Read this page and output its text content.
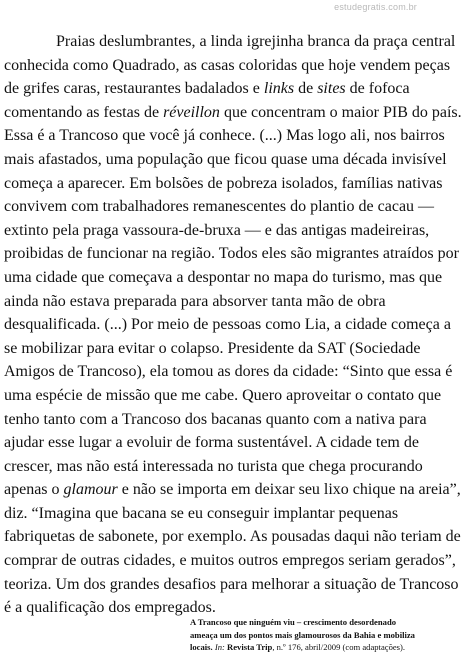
estudegratis.com.br
Praias deslumbrantes, a linda igrejinha branca da praça central
conhecida como Quadrado, as casas coloridas que hoje vendem peças
de grifes caras, restaurantes badalados e links de sites de fofoca
comentando as festas de réveillon que concentram o maior PIB do país.
Essa é a Trancoso que você já conhece. (...) Mas logo ali, nos bairros
mais afastados, uma população que ficou quase uma década invisível
começa a aparecer. Em bolsões de pobreza isolados, famílias nativas
convivem com trabalhadores remanescentes do plantio de cacau —
extinto pela praga vassoura-de-bruxa — e das antigas madeireiras,
proibidas de funcionar na região. Todos eles são migrantes atraídos por
uma cidade que começava a despontar no mapa do turismo, mas que
ainda não estava preparada para absorver tanta mão de obra
desqualificada. (...) Por meio de pessoas como Lia, a cidade começa a
se mobilizar para evitar o colapso. Presidente da SAT (Sociedade
Amigos de Trancoso), ela tomou as dores da cidade: “Sinto que essa é
uma espécie de missão que me cabe. Quero aproveitar o contato que
tenho tanto com a Trancoso dos bacanas quanto com a nativa para
ajudar esse lugar a evoluir de forma sustentável. A cidade tem de
crescer, mas não está interessada no turista que chega procurando
apenas o glamour e não se importa em deixar seu lixo chique na areia”,
diz. “Imagina que bacana se eu conseguir implantar pequenas
fabriquetas de sabonete, por exemplo. As pousadas daqui não teriam de
comprar de outras cidades, e muitos outros empregos seriam gerados”,
teoriza. Um dos grandes desafios para melhorar a situação de Trancoso
é a qualificação dos empregados.
A Trancoso que ninguém viu – crescimento desordenado
ameaça um dos pontos mais glamourosos da Bahia e mobiliza
locais. In: Revista Trip, n.º 176, abril/2009 (com adaptações).
